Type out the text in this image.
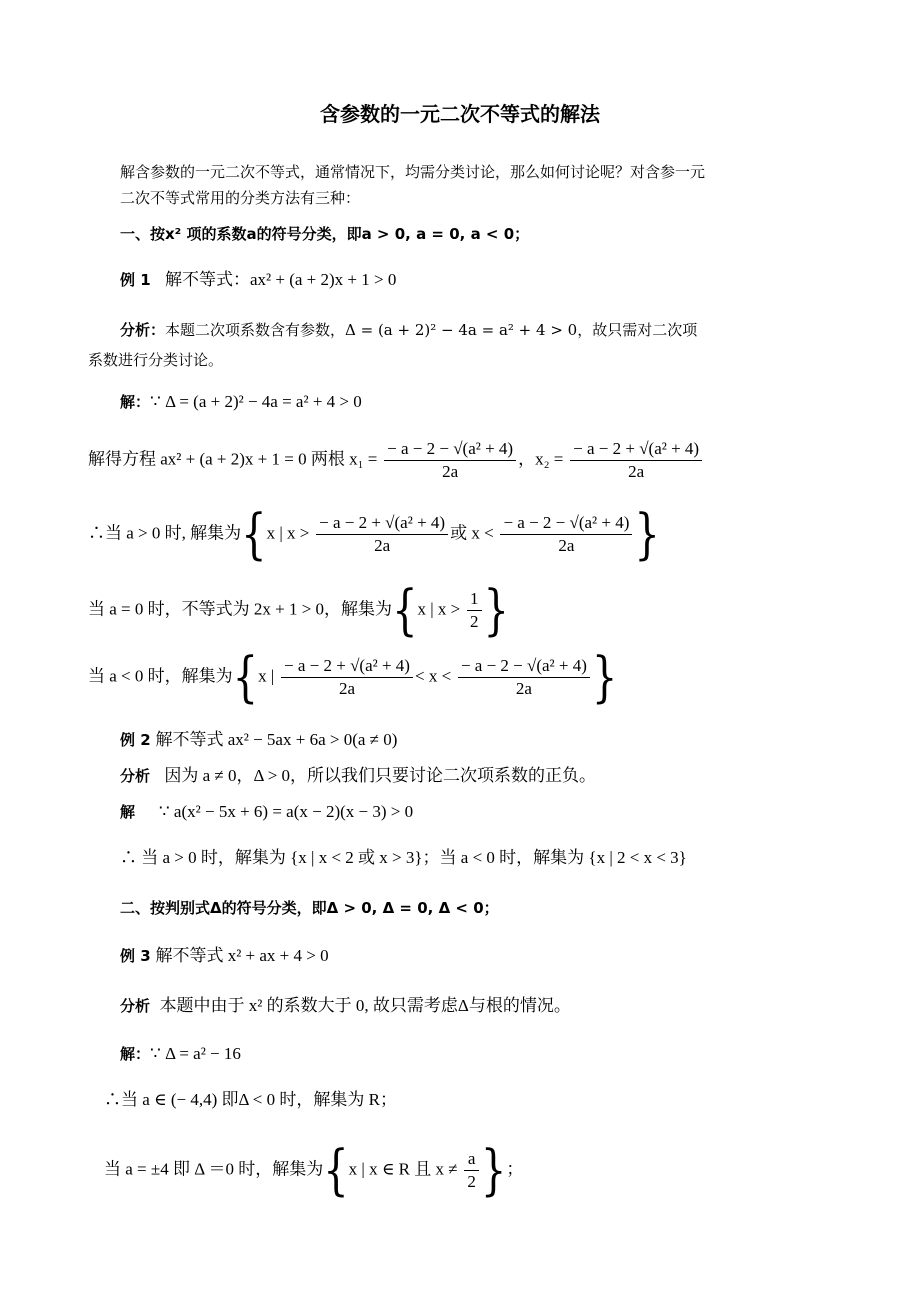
含参数的一元二次不等式的解法
解含参数的一元二次不等式，通常情况下，均需分类讨论，那么如何讨论呢？对含参一元
二次不等式常用的分类方法有三种：
一、按x² 项的系数a的符号分类，即a > 0, a = 0, a < 0；
例 1 解不等式：ax² + (a + 2)x + 1 > 0
分析：本题二次项系数含有参数，Δ = (a + 2)² − 4a = a² + 4 > 0，故只需对二次项
系数进行分类讨论。
解：∵ Δ = (a + 2)² − 4a = a² + 4 > 0
解得方程 ax² + (a + 2)x + 1 = 0 两根 $x_1 = \frac{\text{− a − 2 − √(a² + 4)}}{2a}$ ，$x_2 = \frac{\text{− a − 2 + √(a² + 4)}}{2a}$
∴当 a > 0 时, 解集为{x | $x > \frac{\text{− a − 2 + √(a² + 4)}}{2a}$ 或 $x < \frac{\text{− a − 2 − √(a² + 4)}}{2a}$ }
当 a = 0 时，不等式为 2x + 1 > 0，解集为{x | $x > \frac{1}{2}$ }
当 a < 0 时，解集为{x | $\frac{\text{− a − 2 + √(a² + 4)}}{2a} < x < \frac{\text{− a − 2 − √(a² + 4)}}{2a}$ }
例 2 解不等式 ax² − 5ax + 6a > 0(a ≠ 0)
分析 因为 a ≠ 0，Δ > 0，所以我们只要讨论二次项系数的正负。
解 ∵ a(x² − 5x + 6) = a(x − 2)(x − 3) > 0
∴ 当 a > 0 时，解集为 {x | x < 2 或 x > 3}；当 a < 0 时，解集为 {x | 2 < x < 3}
二、按判别式Δ的符号分类，即Δ > 0, Δ = 0, Δ < 0；
例 3 解不等式 x² + ax + 4 > 0
分析 本题中由于 x² 的系数大于 0, 故只需考虑Δ与根的情况。
解：∵ Δ = a² − 16
∴当 a ∈ (− 4,4) 即Δ < 0 时，解集为 R；
当 a = ±4 即 Δ ＝0 时，解集为{x | x ∈ R 且 $x \ne \frac{a}{2}$ }；
